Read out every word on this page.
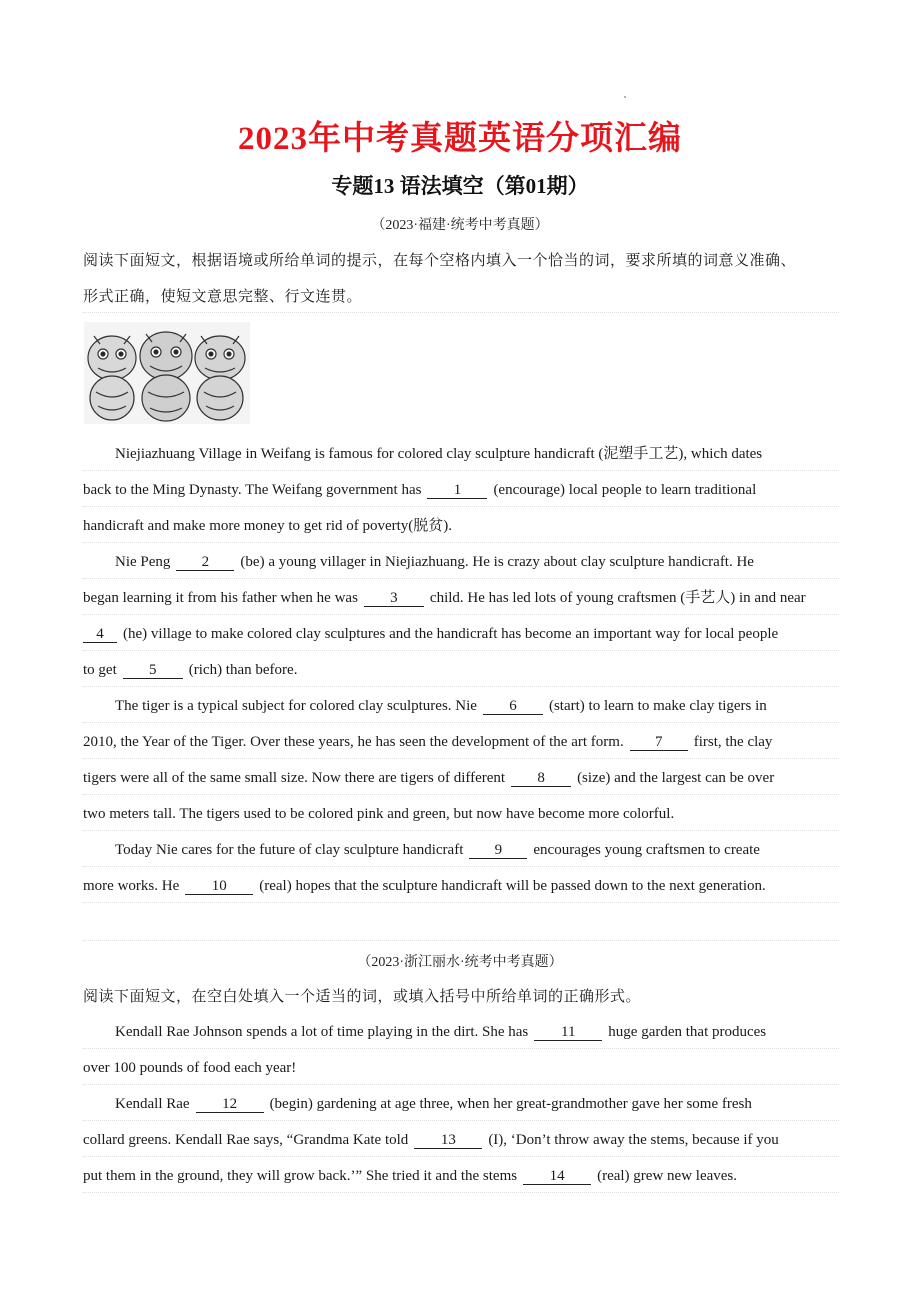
2023年中考真题英语分项汇编
专题13 语法填空（第01期）
（2023·福建·统考中考真题）
阅读下面短文，根据语境或所给单词的提示，在每个空格内填入一个恰当的词，要求所填的词意义准确、
形式正确，使短文意思完整、行文连贯。
Niejiazhuang Village in Weifang is famous for colored clay sculpture handicraft (泥塑手工艺), which dates
back to the Ming Dynasty. The Weifang government has 1 (encourage) local people to learn traditional
handicraft and make more money to get rid of poverty(脱贫).
Nie Peng 2 (be) a young villager in Niejiazhuang. He is crazy about clay sculpture handicraft. He
began learning it from his father when he was 3 child. He has led lots of young craftsmen (手艺人) in and near
4 (he) village to make colored clay sculptures and the handicraft has become an important way for local people
to get 5 (rich) than before.
The tiger is a typical subject for colored clay sculptures. Nie 6 (start) to learn to make clay tigers in
2010, the Year of the Tiger. Over these years, he has seen the development of the art form. 7 first, the clay
tigers were all of the same small size. Now there are tigers of different 8 (size) and the largest can be over
two meters tall. The tigers used to be colored pink and green, but now have become more colorful.
Today Nie cares for the future of clay sculpture handicraft 9 encourages young craftsmen to create
more works. He 10 (real) hopes that the sculpture handicraft will be passed down to the next generation.
（2023·浙江丽水·统考中考真题）
阅读下面短文，在空白处填入一个适当的词，或填入括号中所给单词的正确形式。
Kendall Rae Johnson spends a lot of time playing in the dirt. She has 11 huge garden that produces
over 100 pounds of food each year!
Kendall Rae 12 (begin) gardening at age three, when her great-grandmother gave her some fresh
collard greens. Kendall Rae says, “Grandma Kate told 13 (I), ‘Don’t throw away the stems, because if you
put them in the ground, they will grow back.’” She tried it and the stems 14 (real) grew new leaves.
